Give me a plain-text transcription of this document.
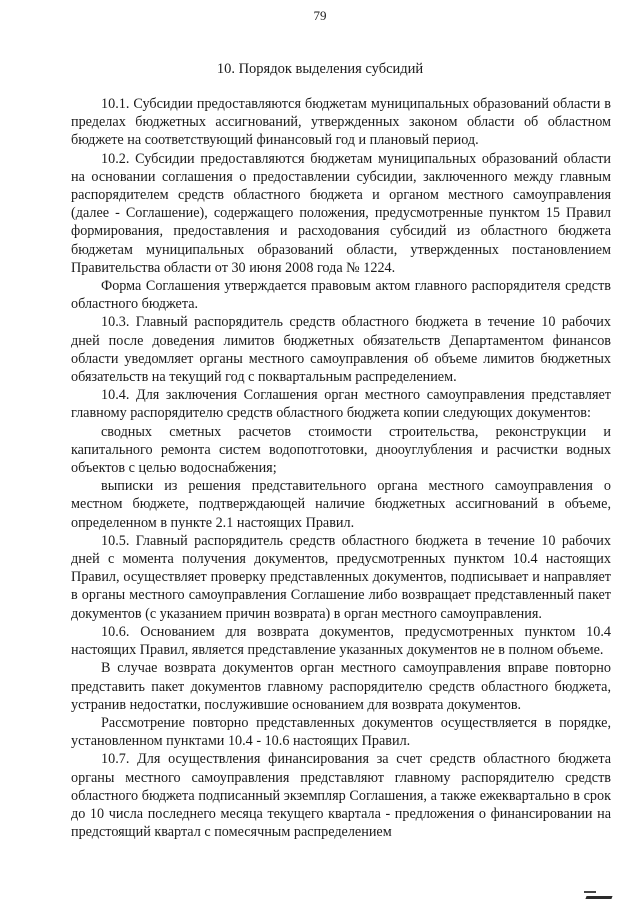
79
10. Порядок выделения субсидий

10.1. Субсидии предоставляются бюджетам муниципальных образований области в пределах бюджетных ассигнований, утвержденных законом области об областном бюджете на соответствующий финансовый год и плановый период.

10.2. Субсидии предоставляются бюджетам муниципальных образований области на основании соглашения о предоставлении субсидии, заключенного между главным распорядителем средств областного бюджета и органом местного самоуправления (далее - Соглашение), содержащего положения, предусмотренные пунктом 15 Правил формирования, предоставления и расходования субсидий из областного бюджета бюджетам муниципальных образований области, утвержденных постановлением Правительства области от 30 июня 2008 года № 1224.

Форма Соглашения утверждается правовым актом главного распорядителя средств областного бюджета.

10.3. Главный распорядитель средств областного бюджета в течение 10 рабочих дней после доведения лимитов бюджетных обязательств Департаментом финансов области уведомляет органы местного самоуправления об объеме лимитов бюджетных обязательств на текущий год с поквартальным распределением.

10.4. Для заключения Соглашения орган местного самоуправления представляет главному распорядителю средств областного бюджета копии следующих документов:

сводных сметных расчетов стоимости строительства, реконструкции и капитального ремонта систем водопотготовки, днооуглубления и расчистки водных объектов с целью водоснабжения;

выписки из решения представительного органа местного самоуправления о местном бюджете, подтверждающей наличие бюджетных ассигнований в объеме, определенном в пункте 2.1 настоящих Правил.

10.5. Главный распорядитель средств областного бюджета в течение 10 рабочих дней с момента получения документов, предусмотренных пунктом 10.4 настоящих Правил, осуществляет проверку представленных документов, подписывает и направляет в органы местного самоуправления Соглашение либо возвращает представленный пакет документов (с указанием причин возврата) в орган местного самоуправления.

10.6. Основанием для возврата документов, предусмотренных пунктом 10.4 настоящих Правил, является представление указанных документов не в полном объеме.

В случае возврата документов орган местного самоуправления вправе повторно представить пакет документов главному распорядителю средств областного бюджета, устранив недостатки, послужившие основанием для возврата документов.

Рассмотрение повторно представленных документов осуществляется в порядке, установленном пунктами 10.4 - 10.6 настоящих Правил.

10.7. Для осуществления финансирования за счет средств областного бюджета органы местного самоуправления представляют главному распорядителю средств областного бюджета подписанный экземпляр Соглашения, а также ежеквартально в срок до 10 числа последнего месяца текущего квартала - предложения о финансировании на предстоящий квартал с помесячным распределением
